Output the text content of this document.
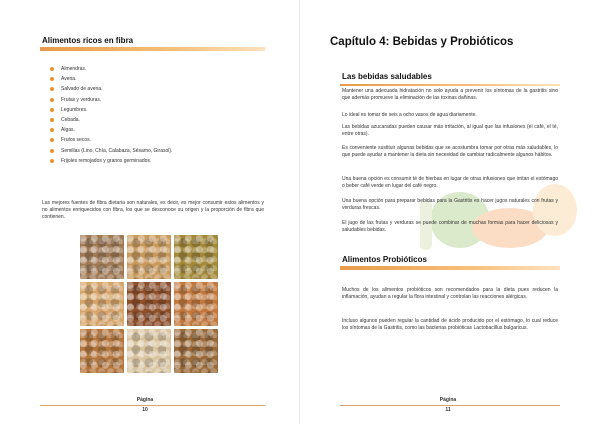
Alimentos ricos en fibra
Almendras.
Avena.
Salvado de avena.
Frutas y verduras.
Legumbres.
Cebada.
Algas.
Frutos secos.
Semillas (Lino, Chía, Calabaza, Sésamo, Girasol).
Frijoles remojados y granos germinados.
Las mejores fuentes de fibra dietaria son naturales, es decir, es mejor consumir estos alimentos y no alimentos enriquecidos con fibra, los que se desconoce su origen y la proporción de fibra que contienen.
Página
10
Capítulo 4: Bebidas y Probióticos
Las bebidas saludables
Mantener una adecuada hidratación no solo ayuda a prevenir los síntomas de la gastritis sino que además promueve la eliminación de las toxinas dañinas.
Lo ideal es tomar de seis a ocho vasos de agua diariamente.
Las bebidas azucaradas pueden causar más irritación, al igual que las infusiones (el café, el té, entre otras).
Es conveniente sustituir algunas bebidas que se acostumbra tomar por otras más saludables, lo que puede ayudar a mantener la dieta sin necesidad de cambiar radicalmente algunos hábitos.
Una buena opción es consumir té de hierbas en lugar de otras infusiones que irritan el estómago o beber café verde en lugar del café negro.
Una buena opción para preparar bebidas para la Gastritis es hacer jugos naturales con frutas y verduras frescas.
El jugo de las frutas y verduras se puede combinar de muchas formas para hacer deliciosas y saludables bebidas.
Alimentos Probióticos
Muchos de los alimentos probióticos son recomendados para la dieta pues reducen la inflamación, ayudan a regular la flora intestinal y controlan las reacciones alérgicas.
Incluso algunos pueden regular la cantidad de ácido producido por el estómago, lo cual reduce los síntomas de la Gastritis, como las bacterias probióticas Lactobacillus bulgaricus.
Página
11
